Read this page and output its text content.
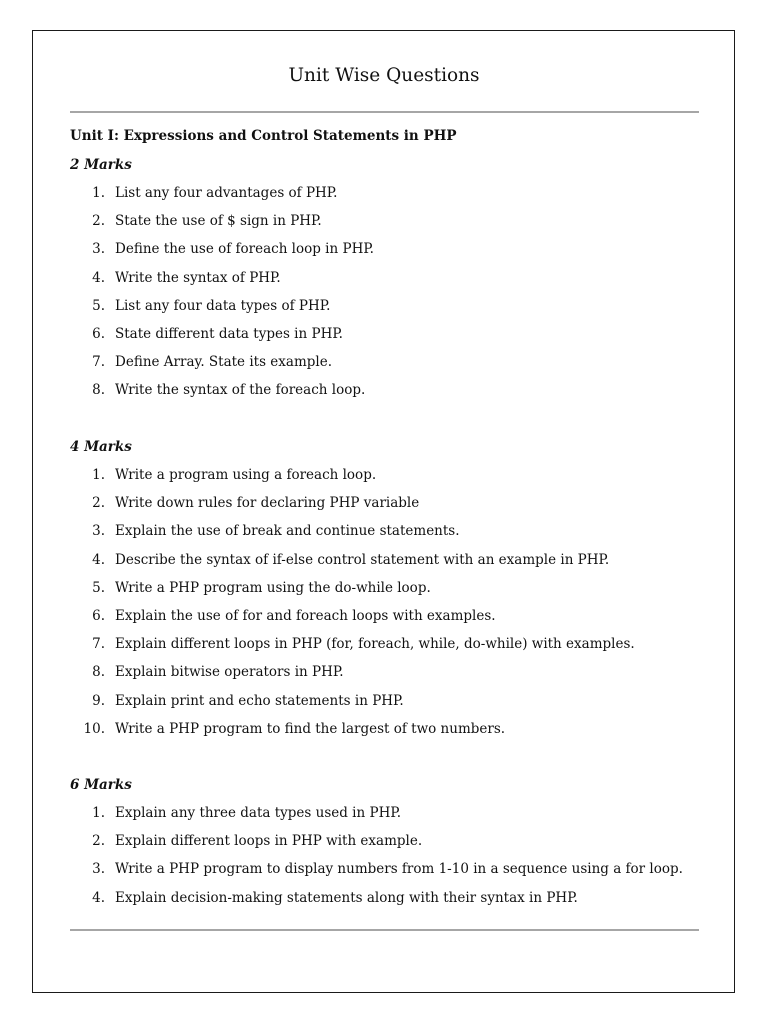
Unit Wise Questions
Unit I: Expressions and Control Statements in PHP
2 Marks
1. List any four advantages of PHP.
2. State the use of $ sign in PHP.
3. Define the use of foreach loop in PHP.
4. Write the syntax of PHP.
5. List any four data types of PHP.
6. State different data types in PHP.
7. Define Array. State its example.
8. Write the syntax of the foreach loop.
4 Marks
1. Write a program using a foreach loop.
2. Write down rules for declaring PHP variable
3. Explain the use of break and continue statements.
4. Describe the syntax of if-else control statement with an example in PHP.
5. Write a PHP program using the do-while loop.
6. Explain the use of for and foreach loops with examples.
7. Explain different loops in PHP (for, foreach, while, do-while) with examples.
8. Explain bitwise operators in PHP.
9. Explain print and echo statements in PHP.
10. Write a PHP program to find the largest of two numbers.
6 Marks
1. Explain any three data types used in PHP.
2. Explain different loops in PHP with example.
3. Write a PHP program to display numbers from 1-10 in a sequence using a for loop.
4. Explain decision-making statements along with their syntax in PHP.
